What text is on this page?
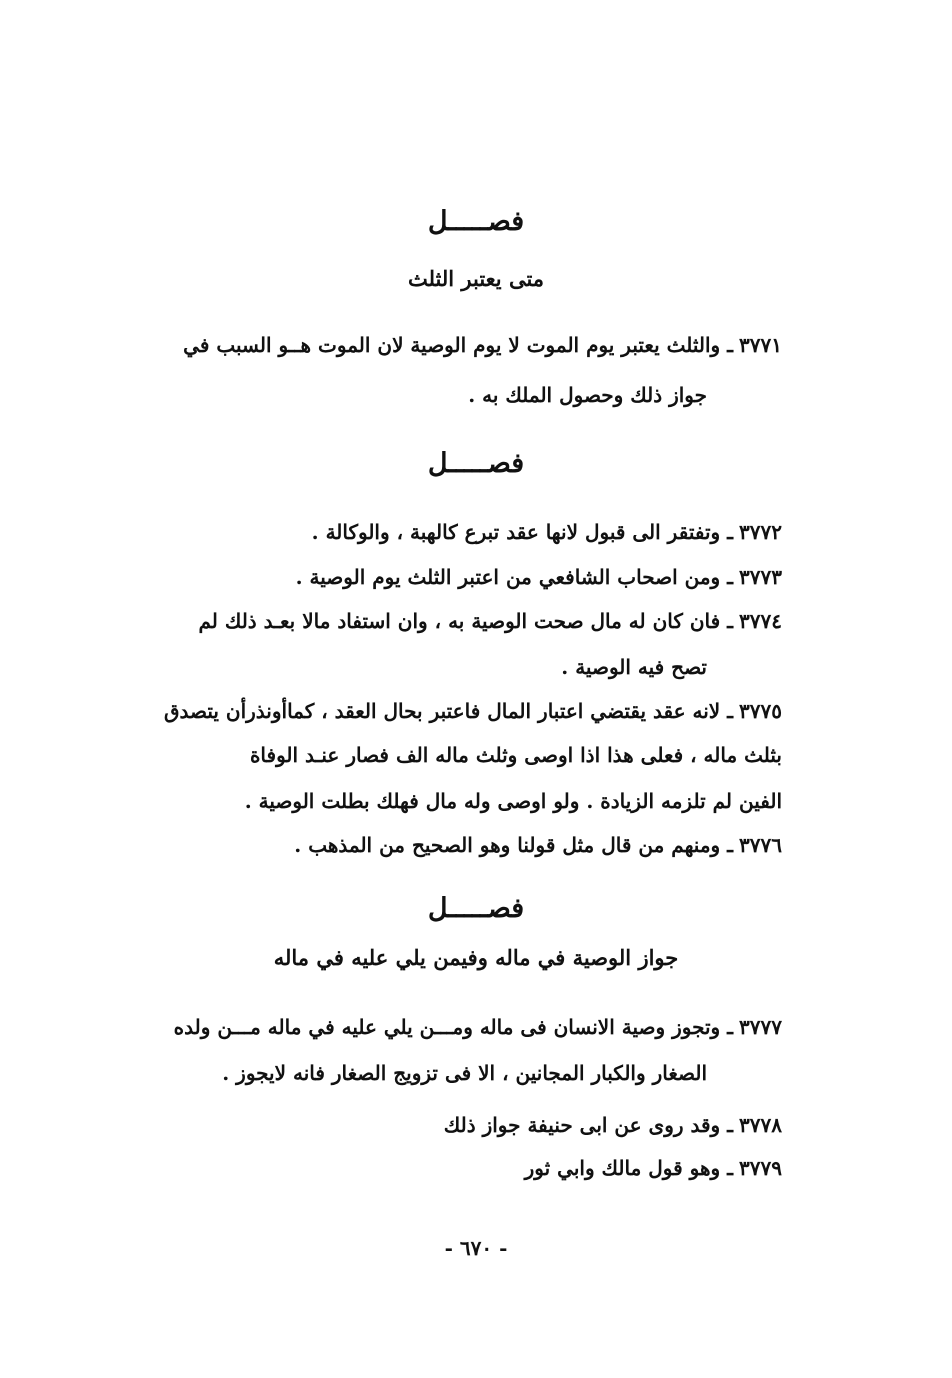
فصـــــل
متى يعتبر الثلث
٣٧٧١ـ والثلث يعتبر يوم الموت لا يوم الوصية لان الموت هــو السبب في
جواز ذلك وحصول الملك به .
فصـــــل
٣٧٧٢ـ وتفتقر الى قبول لانها عقد تبرع كالهبة ، والوكالة .
٣٧٧٣ـ ومن اصحاب الشافعي من اعتبر الثلث يوم الوصية .
٣٧٧٤ـ فان كان له مال صحت الوصية به ، وان استفاد مالا بعـد ذلك لم
تصح فيه الوصية .
٣٧٧٥ـ لانه عقد يقتضي اعتبار المال فاعتبر بحال العقد ، كماأونذرأن يتصدق
بثلث ماله ، فعلى هذا اذا اوصى وثلث ماله الف فصار عنـد الوفاة
الفين لم تلزمه الزيادة . ولو اوصى وله مال فهلك بطلت الوصية .
٣٧٧٦ـ ومنهم من قال مثل قولنا وهو الصحيح من المذهب .
فصـــــل
جواز الوصية في ماله وفيمن يلي عليه في ماله
٣٧٧٧ـ وتجوز وصية الانسان فى ماله ومـــن يلي عليه في ماله مـــن ولده
الصغار والكبار المجانين ، الا فى تزويج الصغار فانه لايجوز .
٣٧٧٨ـ وقد روى عن ابى حنيفة جواز ذلك
٣٧٧٩ـ وهو قول مالك وابي ثور
- ٦٧٠ -
